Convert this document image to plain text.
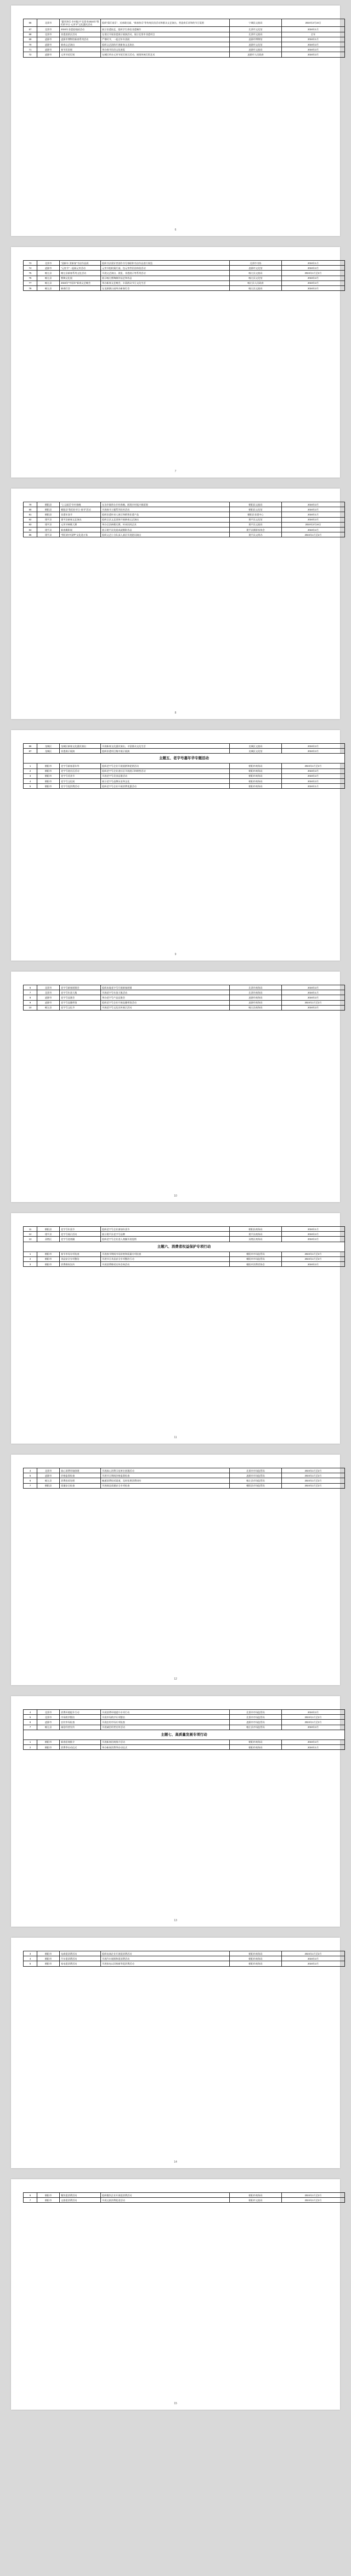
66	北票市	"惠风和乐·乡村振兴"北票市2024年"我们的节日·元宵节"文化惠民活动	组织"猜灯谜乐"、送春联送福、"新春快乐"等传统民俗活动和群众文艺演出，营造欢乐祥和的节日氛围	宁城县文旅局	2024年2月24日
67	北票市	2024年非遗进校园活动	展示非遗技艺，组织学生体验非遗制作	北票市文化馆	2024年1月
68	北票市	非遗进景区活动	在景区开展非遗展示展演活动，展示北票市非遗项目	北票市文旅局	全年
69	凌源市	凌源市博物馆新春系列活动	严寒时节，一起过年年货展	凌源市博物馆	2024年1月
70	凌源市	新春文艺演出	组织文艺团体开展新春文艺演出	凌源市文化馆	2024年2月
71	凌源市	春节民俗展	举办春节民俗文化展览	凌源市文旅局	2024年2月
72	凌源市	元宵节花灯展	在城区举办元宵节花灯展示活动，展现传统灯彩艺术	凌源市人民政府	2024年2月
6
73	北票市	"迎新年·贺新春"书法作品展	组织书法爱好者创作书写春联和书法作品进行展览	北票市书协	2024年1月
74	凌源市	"元宵节"一起闹元宵活动	元宵节组织猜灯谜、包元宵等民俗体验活动	凌源市文化馆	2024年2月
75	喀左县	喀左县新春系列文化活动	开展文艺演出、展览、非遗展示等系列活动	喀左县文旅局	2024年1月至2月
76	喀左县	紫陶文化展	展示喀左紫陶制作技艺和作品	喀左县文化馆	2024年2月
77	喀左县	2024年"中国年"新春文艺晚会	举办新春文艺晚会，丰富群众节日文化生活	喀左县人民政府	2024年2月
78	喀左县	新春灯会	在龙源湖公园举办新春灯会	喀左县文旅局	2024年2月
7
79	朝阳县	"上元福至"乡村春晚	在各乡镇举办乡村春晚，展现乡村振兴新面貌	朝阳县文旅局	2024年2月
80	朝阳县	朝阳县"我们的节日·春节"活动	开展春节主题系列宣传活动	朝阳县文化馆	2024年2月
81	朝阳县	非遗年货节	组织非遗传承人展示和销售非遗产品	朝阳县非遗中心	2024年1月
82	建平县	建平县新春文艺演出	组织全县文艺团体开展新春文艺演出	建平县文化馆	2024年2月
83	建平县	元宵节秧歌大赛	举办全县秧歌比赛，传承民间艺术	建平县文旅局	2024年2月24日
84	建平县	新春摄影展	展示建平县发展成就摄影作品	建平县摄影家协会	2024年2月
85	建平县	"我们的中国梦"文化进万家	组织文艺小分队深入基层开展慰问演出	建平县文明办	2024年1月至2月
8
86	龙城区	龙城区新春文化惠民演出	开展新春文化惠民演出，丰富群众文化生活	龙城区文旅局	2024年2月
87	龙城区	非遗展示展演	组织非遗项目集中展示展演	龙城区文化馆	2024年2月
主题五、老字号嘉年华专题活动					
1	朝阳市	老字号新春嘉年华	组织老字号企业开展展销和促销活动	朝阳市商务局	2024年1月至2月
2	朝阳市	老字号进社区活动	组织老字号企业进社区开展展示和销售活动	朝阳市商务局	2024年2月
3	朝阳市	老字号美食节	开展老字号美食品鉴活动	朝阳市商务局	2024年2月
4	朝阳市	老字号文化展	展示老字号品牌历史和文化	朝阳市商务局	2024年2月
5	朝阳市	老字号促消费活动	组织老字号企业开展消费优惠活动	朝阳市商务局	2024年1月
9
6	北票市	老字号新春展销会	组织本地老字号开展新春展销	北票市商务局	2024年2月
7	北票市	老字号年货大集	开展老字号年货大集活动	北票市商务局	2024年1月
8	凌源市	老字号品鉴会	举办老字号产品品鉴会	凌源市商务局	2024年2月
9	凌源市	老字号直播带货	组织老字号企业开展直播带货活动	凌源市商务局	2024年1月至2月
10	喀左县	老字号文化节	开展老字号文化宣传展示活动	喀左县商务局	2024年2月
10
11	朝阳县	老字号年货节	组织老字号企业参加年货节	朝阳县商务局	2024年1月
12	建平县	老字号展示活动	展示建平县老字号品牌	建平县商务局	2024年2月
13	双塔区	老字号进商圈	组织老字号企业进入商圈开展促销	双塔区商务局	2024年2月
主题六、消费者权益保护专项行动					
1	朝阳市	春节市场专项检查	开展春节期间市场价格和质量专项检查	朝阳市市场监管局	2024年1月至2月
2	朝阳市	食品安全专项整治	开展节日食品安全专项整治行动	朝阳市市场监管局	2024年1月至2月
3	朝阳市	消费维权宣传	开展消费维权宣传咨询活动	朝阳市消费者协会	2024年2月
11
4	北票市	放心消费环境创建	开展放心消费示范单位创建活动	北票市市场监管局	2024年1月至2月
5	凌源市	价格监督检查	开展节日期间价格监督检查	凌源市市场监管局	2024年1月至2月
6	喀左县	消费投诉处理	畅通消费投诉渠道，及时处理消费纠纷	喀左县市场监管局	2024年1月至2月
7	朝阳县	质量安全检查	开展商品质量安全专项检查	朝阳县市场监管局	2024年1月至2月
12
4	北票市	消费环境提升行动	开展消费环境提升专项行动	北票市市场监管局	2024年2月
5	北票市	市场秩序整治	开展市场秩序专项整治	北票市市场监管局	2024年1月至2月
6	凌源市	农村市场检查	开展农村市场专项检查	凌源市市场监管局	2024年1月至2月
7	喀左县	诚信经营宣传	开展诚信经营宣传活动	喀左县市场监管局	2024年2月
主题七、高质量发展专项行动					
1	朝阳市	新春招商推介	开展新春招商推介活动	朝阳市商务局	2024年2月
2	朝阳市	消费季启动仪式	举办新春消费季启动仪式	朝阳市商务局	2024年1月
13
3	朝阳市	电商促消费活动	组织电商企业开展促消费活动	朝阳市商务局	2024年1月至2月
4	朝阳市	汽车促消费活动	开展汽车展销和促消费活动	朝阳市商务局	2024年2月
5	朝阳市	家电促消费活动	开展家电以旧换新等促消费活动	朝阳市商务局	2024年2月
14
6	朝阳市	餐饮促消费活动	组织餐饮企业开展促消费活动	朝阳市商务局	2024年1月至2月
7	朝阳市	文旅促消费活动	开展文旅消费促进活动	朝阳市文旅局	2024年1月至2月
15
